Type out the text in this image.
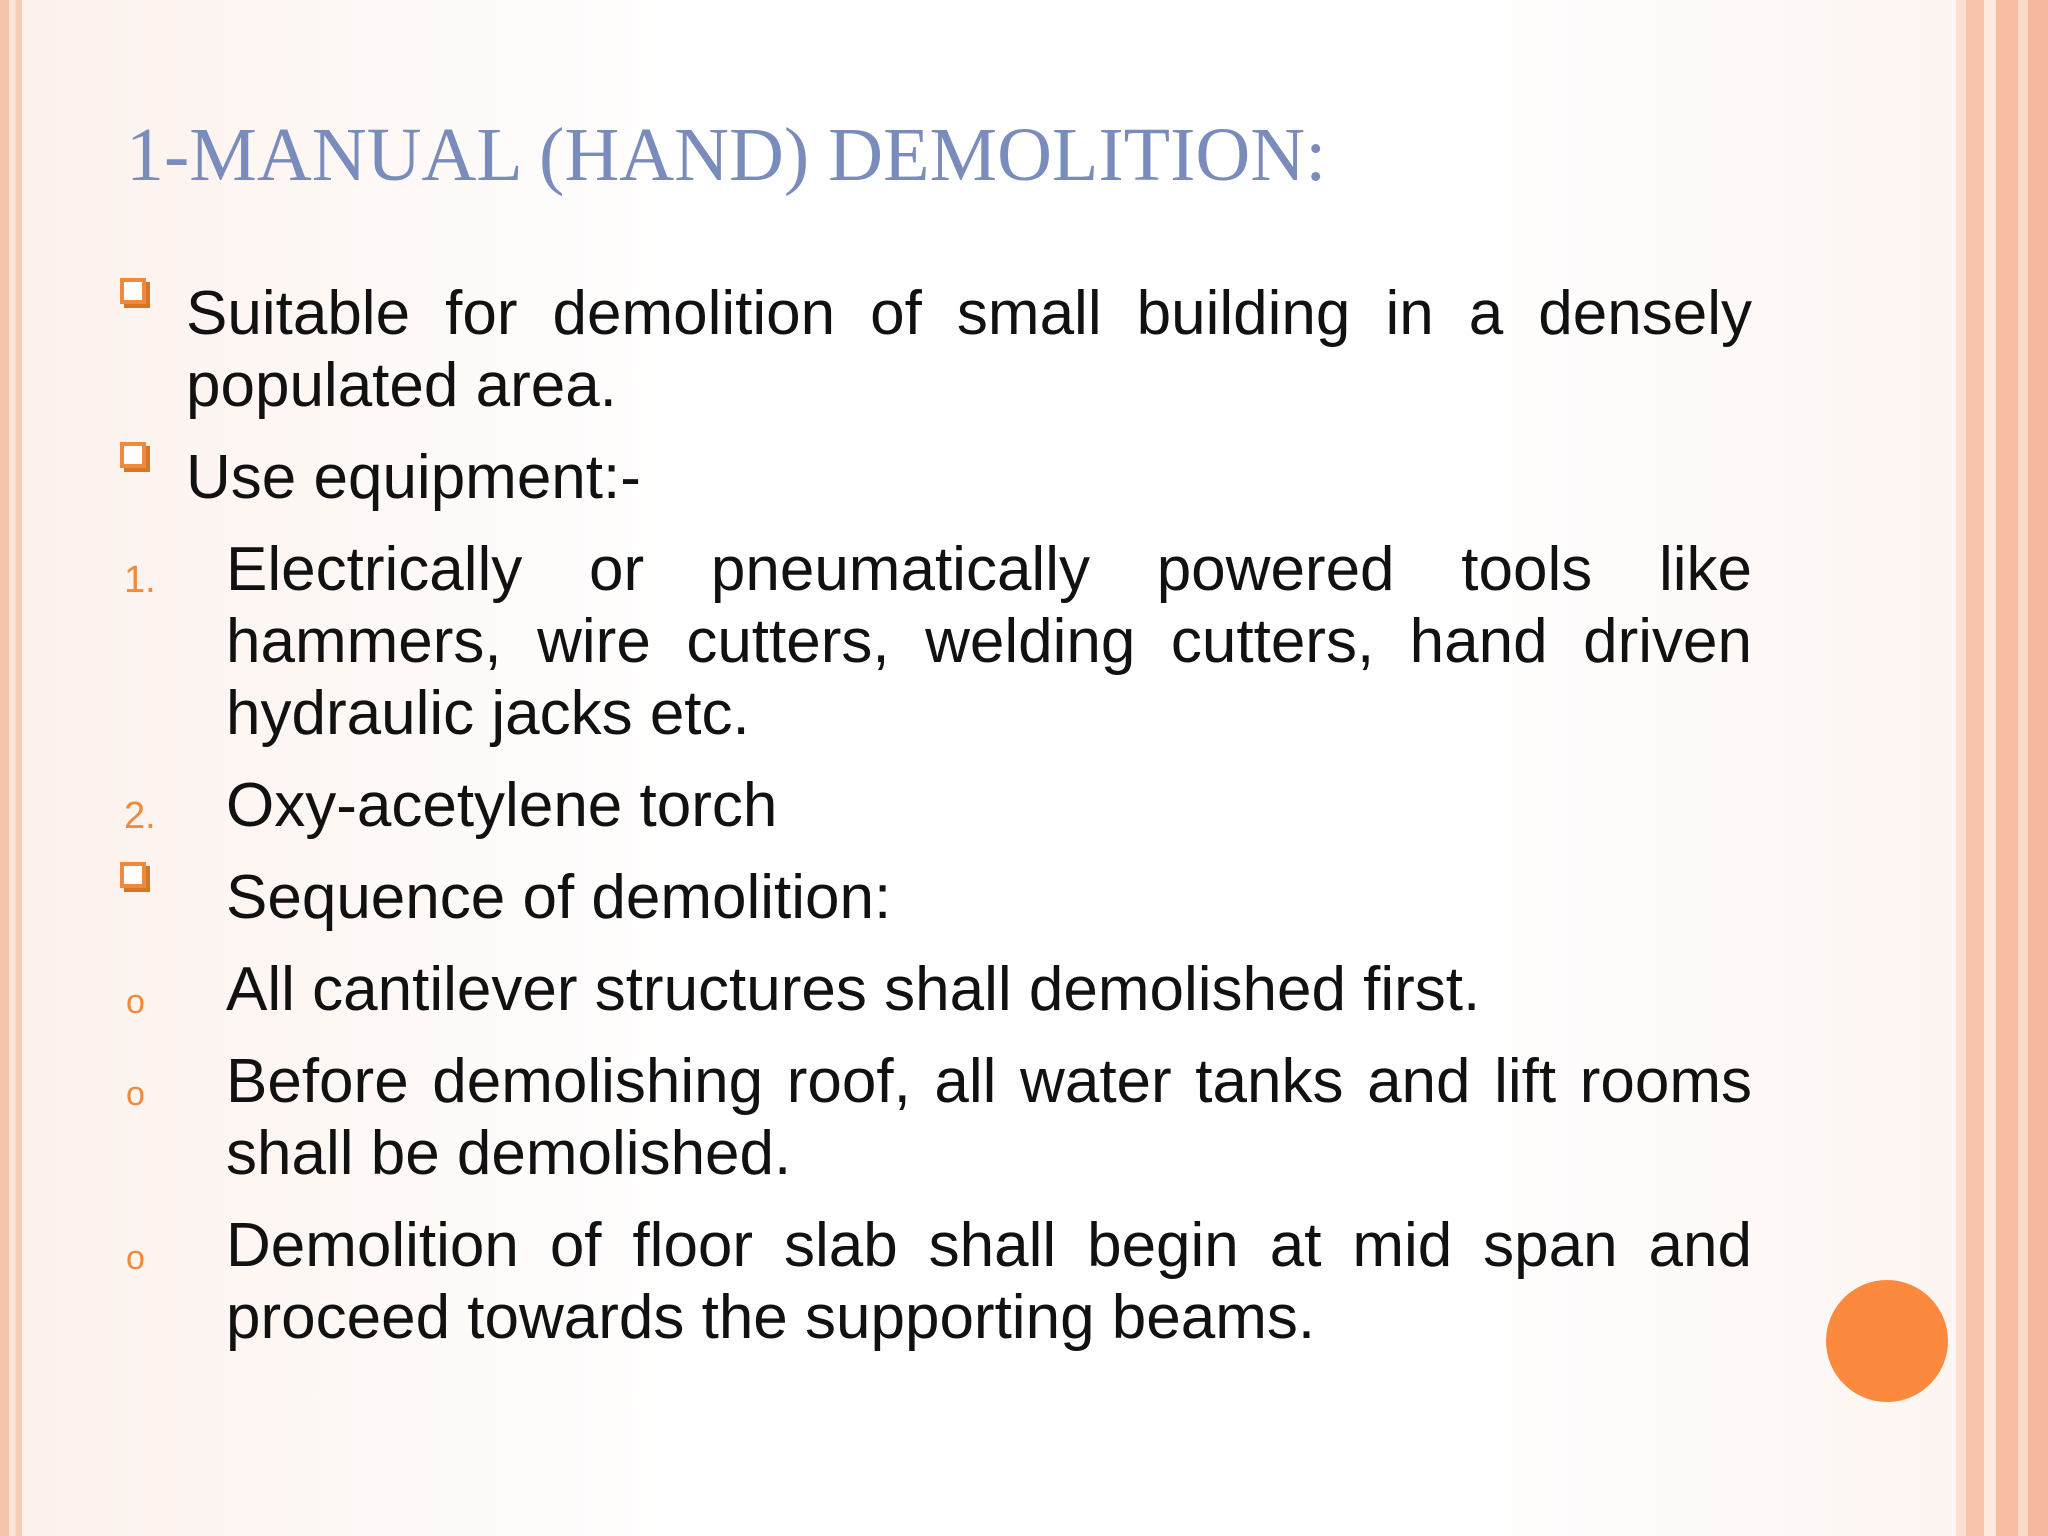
1-MANUAL (HAND) DEMOLITION:
Suitable for demolition of small building in a densely populated area.
Use equipment:-
1. Electrically or pneumatically powered tools like hammers, wire cutters, welding cutters, hand driven hydraulic jacks etc.
2. Oxy-acetylene torch
Sequence of demolition:
o All cantilever structures shall demolished first.
o Before demolishing roof, all water tanks and lift rooms shall be demolished.
o Demolition of floor slab shall begin at mid span and proceed towards the supporting beams.
